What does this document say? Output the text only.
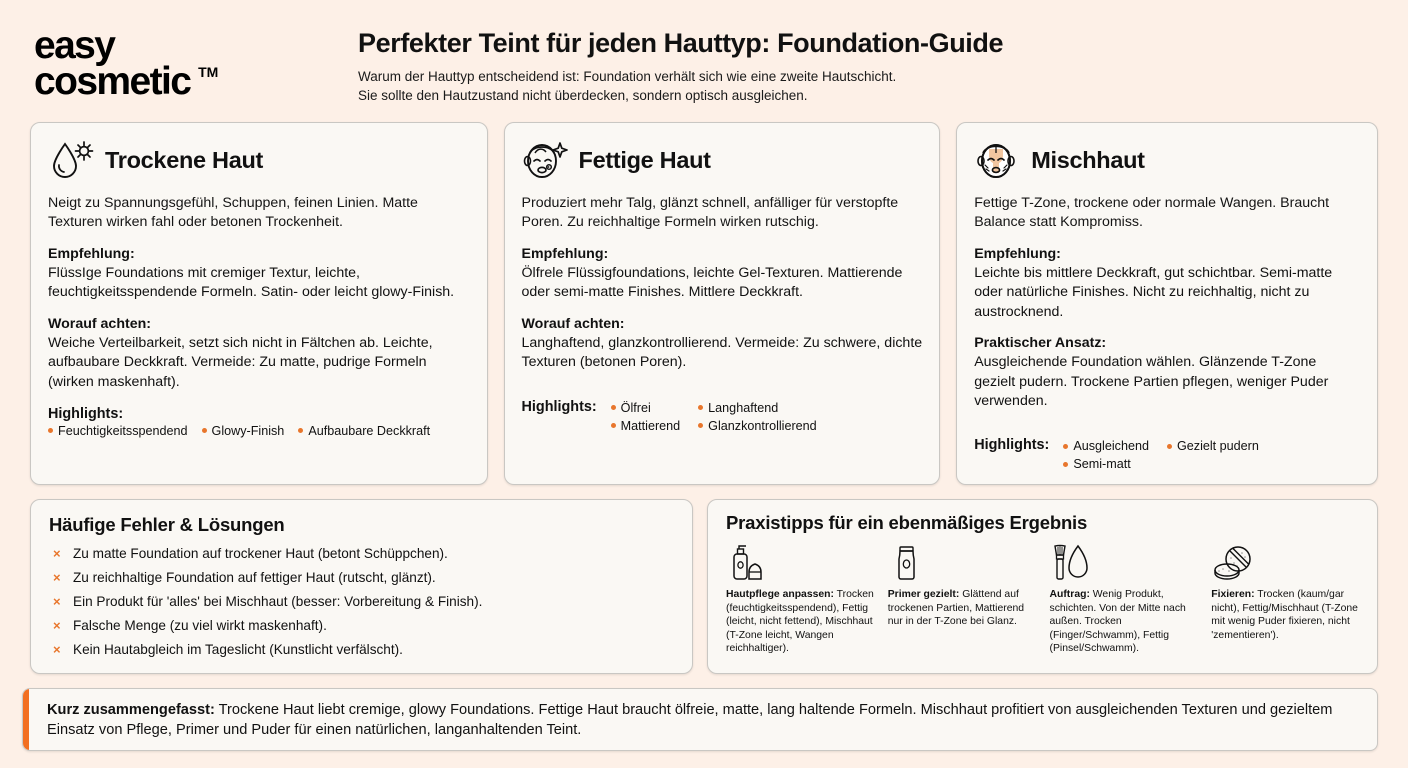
easy
cosmetic TM
Perfekter Teint für jeden Hauttyp: Foundation-Guide
Warum der Hauttyp entscheidend ist: Foundation verhält sich wie eine zweite Hautschicht.
Sie sollte den Hautzustand nicht überdecken, sondern optisch ausgleichen.
Trockene Haut
Neigt zu Spannungsgefühl, Schuppen, feinen Linien. Matte Texturen wirken fahl oder betonen Trockenheit.
Empfehlung:
FlüssIge Foundations mit cremiger Textur, leichte, feuchtigkeitsspendende Formeln. Satin- oder leicht glowy-Finish.
Worauf achten:
Weiche Verteilbarkeit, setzt sich nicht in Fältchen ab. Leichte, aufbaubare Deckkraft. Vermeide: Zu matte, pudrige Formeln (wirken maskenhaft).
Highlights:
Feuchtigkeitsspendend Glowy-Finish Aufbaubare Deckkraft
Fettige Haut
Produziert mehr Talg, glänzt schnell, anfälliger für verstopfte Poren. Zu reichhaltige Formeln wirken rutschig.
Empfehlung:
Ölfrele Flüssigfoundations, leichte Gel-Texturen. Mattierende oder semi-matte Finishes. Mittlere Deckkraft.
Worauf achten:
Langhaftend, glanzkontrollierend. Vermeide: Zu schwere, dichte Texturen (betonen Poren).
Highlights: Ölfrei	Langhaftend
Mattierend Glanzkontrollierend
Mischhaut
Fettige T-Zone, trockene oder normale Wangen. Braucht Balance statt Kompromiss.
Empfehlung:
Leichte bis mittlere Deckkraft, gut schichtbar. Semi-matte oder natürliche Finishes. Nicht zu reichhaltig, nicht zu austrocknend.
Praktischer Ansatz:
Ausgleichende Foundation wählen. Glänzende T-Zone gezielt pudern. Trockene Partien pflegen, weniger Puder verwenden.
Highlights: Ausgleichend Gezielt pudern
Semi-matt
Häufige Fehler & Lösungen
× Zu matte Foundation auf trockener Haut (betont Schüppchen).
× Zu reichhaltige Foundation auf fettiger Haut (rutscht, glänzt).
× Ein Produkt für 'alles' bei Mischhaut (besser: Vorbereitung & Finish).
× Falsche Menge (zu viel wirkt maskenhaft).
× Kein Hautabgleich im Tageslicht (Kunstlicht verfälscht).
Praxistipps für ein ebenmäßiges Ergebnis
Hautpflege anpassen: Trocken (feuchtigkeitsspendend), Fettig (leicht, nicht fettend), Mischhaut (T-Zone leicht, Wangen reichhaltiger).
Primer gezielt: Glättend auf trockenen Partien, Mattierend nur in der T-Zone bei Glanz.
Auftrag: Wenig Produkt, schichten. Von der Mitte nach außen. Trocken (Finger/Schwamm), Fettig (Pinsel/Schwamm).
Fixieren: Trocken (kaum/gar nicht), Fettig/Mischhaut (T-Zone mit wenig Puder fixieren, nicht 'zementieren').
Kurz zusammengefasst: Trockene Haut liebt cremige, glowy Foundations. Fettige Haut braucht ölfreie, matte, lang haltende Formeln. Mischhaut profitiert von ausgleichenden Texturen und gezieltem Einsatz von Pflege, Primer und Puder für einen natürlichen, langanhaltenden Teint.
